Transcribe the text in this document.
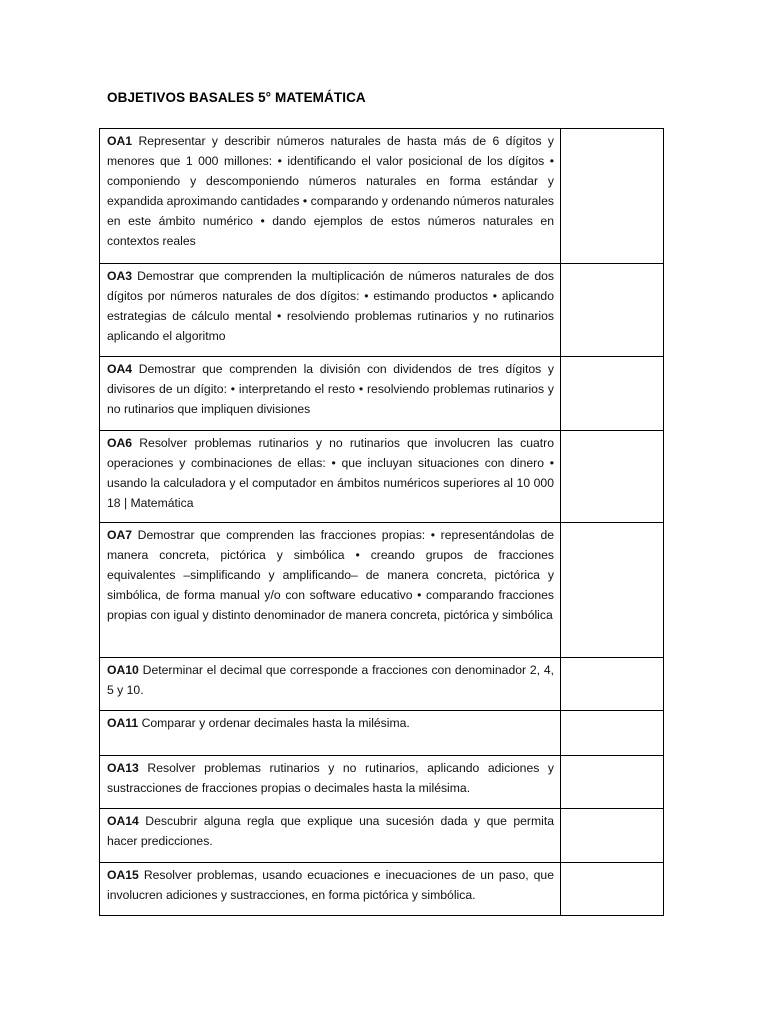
OBJETIVOS BASALES 5° MATEMÁTICA
OA1 Representar y describir números naturales de hasta más de 6 dígitos y menores que 1 000 millones: • identificando el valor posicional de los dígitos • componiendo y descomponiendo números naturales en forma estándar y expandida aproximando cantidades • comparando y ordenando números naturales en este ámbito numérico • dando ejemplos de estos números naturales en contextos reales	
OA3 Demostrar que comprenden la multiplicación de números naturales de dos dígitos por números naturales de dos dígitos: • estimando productos • aplicando estrategias de cálculo mental • resolviendo problemas rutinarios y no rutinarios aplicando el algoritmo	
OA4 Demostrar que comprenden la división con dividendos de tres dígitos y divisores de un dígito: • interpretando el resto • resolviendo problemas rutinarios y no rutinarios que impliquen divisiones	
OA6 Resolver problemas rutinarios y no rutinarios que involucren las cuatro operaciones y combinaciones de ellas: • que incluyan situaciones con dinero • usando la calculadora y el computador en ámbitos numéricos superiores al 10 000 18 | Matemática	
OA7 Demostrar que comprenden las fracciones propias: • representándolas de manera concreta, pictórica y simbólica • creando grupos de fracciones equivalentes –simplificando y amplificando– de manera concreta, pictórica y simbólica, de forma manual y/o con software educativo • comparando fracciones propias con igual y distinto denominador de manera concreta, pictórica y simbólica	
OA10 Determinar el decimal que corresponde a fracciones con denominador 2, 4, 5 y 10.	
OA11 Comparar y ordenar decimales hasta la milésima.	
OA13 Resolver problemas rutinarios y no rutinarios, aplicando adiciones y sustracciones de fracciones propias o decimales hasta la milésima.	
OA14 Descubrir alguna regla que explique una sucesión dada y que permita hacer predicciones.	
OA15 Resolver problemas, usando ecuaciones e inecuaciones de un paso, que involucren adiciones y sustracciones, en forma pictórica y simbólica.	
